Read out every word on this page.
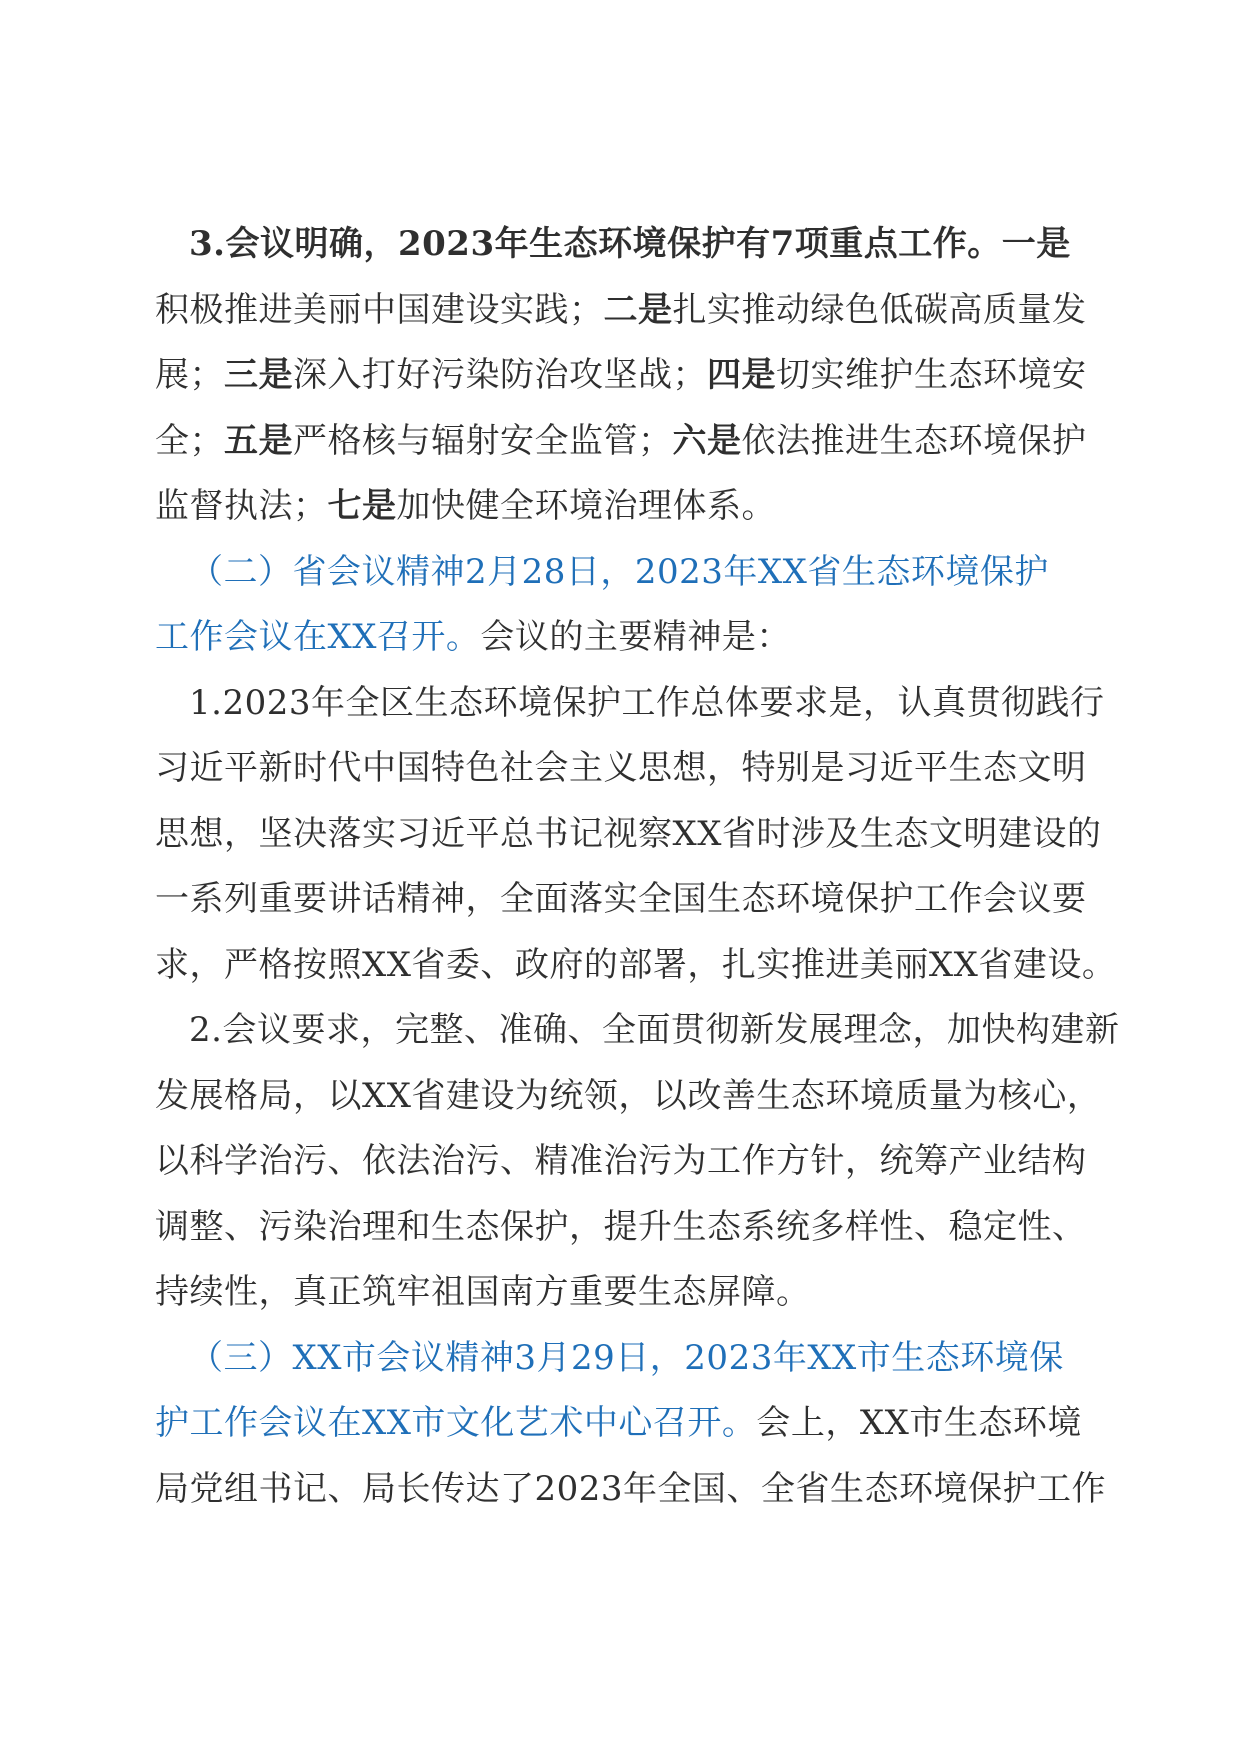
3.会议明确，2023年生态环境保护有7项重点工作。一是
积极推进美丽中国建设实践；二是扎实推动绿色低碳高质量发
展；三是深入打好污染防治攻坚战；四是切实维护生态环境安
全；五是严格核与辐射安全监管；六是依法推进生态环境保护
监督执法；七是加快健全环境治理体系。
（二）省会议精神2月28日，2023年XX省生态环境保护
工作会议在XX召开。会议的主要精神是：
1.2023年全区生态环境保护工作总体要求是，认真贯彻践行
习近平新时代中国特色社会主义思想，特别是习近平生态文明
思想，坚决落实习近平总书记视察XX省时涉及生态文明建设的
一系列重要讲话精神，全面落实全国生态环境保护工作会议要
求，严格按照XX省委、政府的部署，扎实推进美丽XX省建设。
2.会议要求，完整、准确、全面贯彻新发展理念，加快构建新
发展格局，以XX省建设为统领，以改善生态环境质量为核心，
以科学治污、依法治污、精准治污为工作方针，统筹产业结构
调整、污染治理和生态保护，提升生态系统多样性、稳定性、
持续性，真正筑牢祖国南方重要生态屏障。
（三）XX市会议精神3月29日，2023年XX市生态环境保
护工作会议在XX市文化艺术中心召开。会上，XX市生态环境
局党组书记、局长传达了2023年全国、全省生态环境保护工作
